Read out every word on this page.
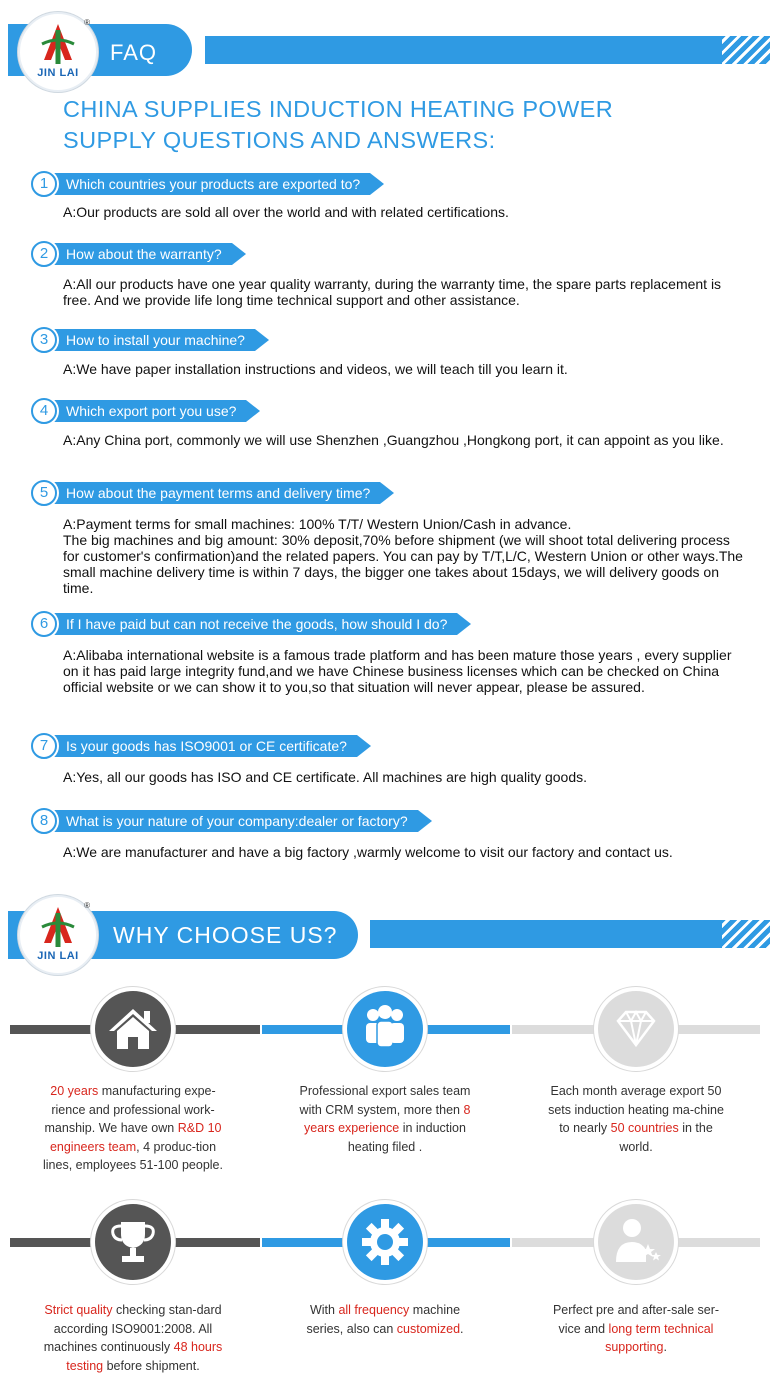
FAQ
®
JIN LAI
CHINA SUPPLIES INDUCTION HEATING POWER SUPPLY QUESTIONS AND ANSWERS:
Which countries your products are exported to?
1
A:Our products are sold all over the world and with related certifications.
How about the warranty?
2
A:All our products have one year quality warranty, during the warranty time, the spare parts replacement is free. And we provide life long time technical support and other assistance.
How to install your machine?
3
A:We have paper installation instructions and videos, we will teach till you learn it.
Which export port you use?
4
A:Any China port, commonly we will use Shenzhen ,Guangzhou ,Hongkong port, it can appoint as you like.
How about the payment terms and delivery time?
5
A:Payment terms for small machines: 100% T/T/ Western Union/Cash in advance.
The big machines and big amount: 30% deposit,70% before shipment (we will shoot total delivering process for customer's confirmation)and the related papers. You can pay by T/T,L/C, Western Union or other ways.The small machine delivery time is within 7 days, the bigger one takes about 15days, we will delivery goods on time.
If I have paid but can not receive the goods, how should I do?
6
A:Alibaba international website is a famous trade platform and has been mature those years , every supplier on it has paid large integrity fund,and we have Chinese business licenses which can be checked on China official website or we can show it to you,so that situation will never appear, please be assured.
Is your goods has ISO9001 or CE certificate?
7
A:Yes, all our goods has ISO and CE certificate. All machines are high quality goods.
What is your nature of your company:dealer or factory?
8
A:We are manufacturer and have a big factory ,warmly welcome to visit our factory and contact us.
WHY CHOOSE US?
®
JIN LAI
20 years manufacturing expe-rience and professional work-manship. We have own R&D 10 engineers team, 4 produc-tion lines, employees 51-100 people.
Professional export sales team with CRM system, more then 8 years experience in induction heating filed .
Each month average export 50 sets induction heating ma-chine to nearly 50 countries in the world.
Strict quality checking stan-dard according ISO9001:2008. All machines continuously 48 hours testing before shipment.
With all frequency machine series, also can customized.
Perfect pre and after-sale ser-vice and long term technical supporting.
